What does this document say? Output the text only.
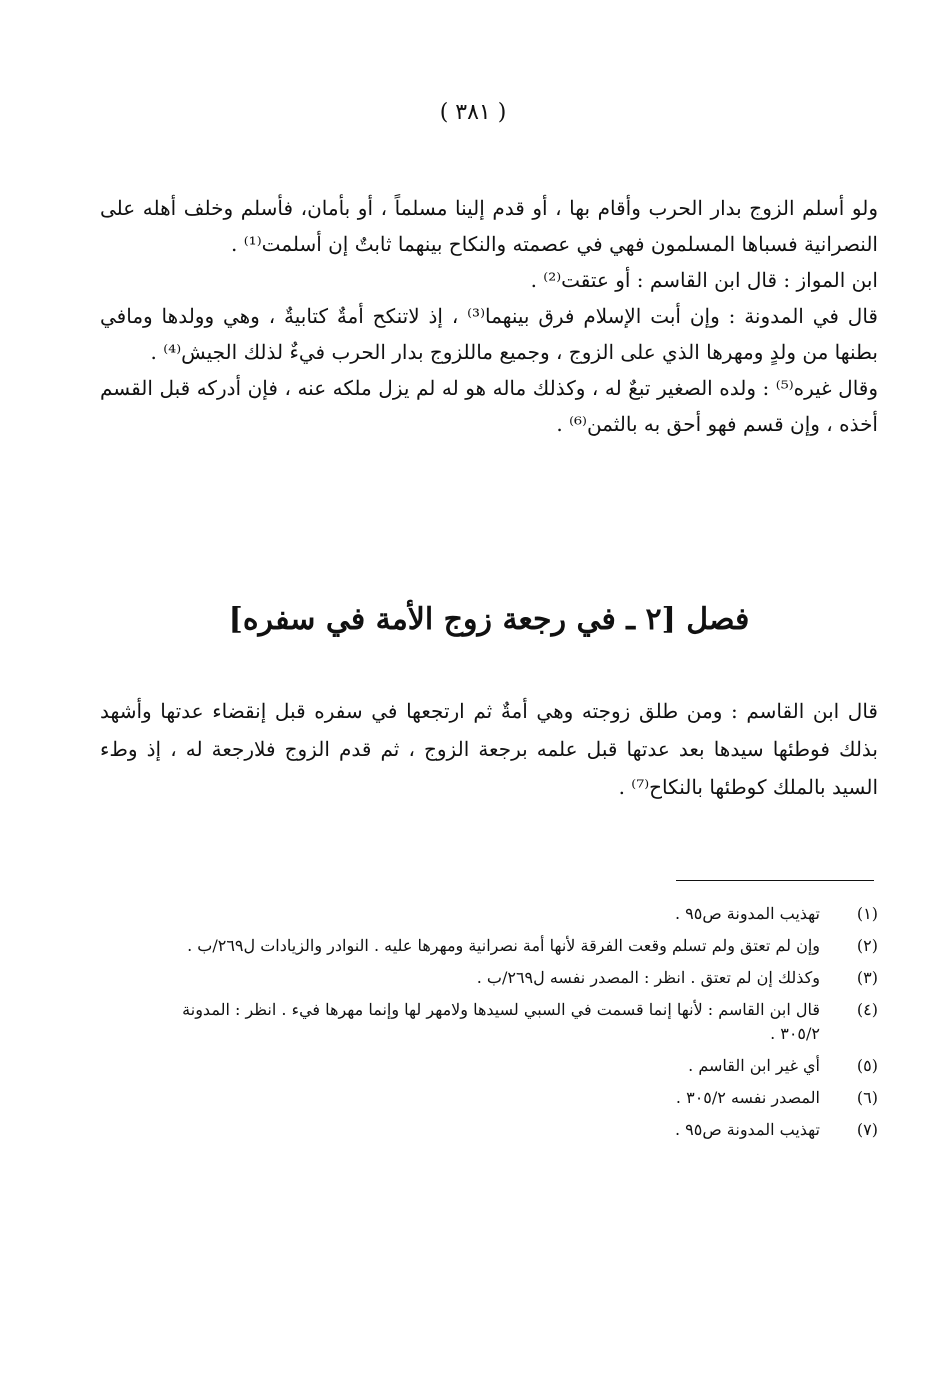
( ٣٨١ )

ولو أسلم الزوج بدار الحرب وأقام بها ، أو قدم إلينا مسلماً ، أو بأمان، فأسلم وخلف أهله على النصرانية فسباها المسلمون فهي في عصمته والنكاح بينهما ثابتٌ إن أسلمت⁽¹⁾ .

ابن المواز : قال ابن القاسم : أو عتقت⁽²⁾ .

قال في المدونة : وإن أبت الإسلام فرق بينهما⁽³⁾ ، إذ لاتنكح أمةٌ كتابيةٌ ، وهي وولدها ومافي بطنها من ولدٍ ومهرها الذي على الزوج ، وجميع ماللزوج بدار الحرب فيءٌ لذلك الجيش⁽⁴⁾ .

وقال غيره⁽⁵⁾ : ولده الصغير تبعٌ له ، وكذلك ماله هو له لم يزل ملكه عنه ، فإن أدركه قبل القسم أخذه ، وإن قسم فهو أحق به بالثمن⁽⁶⁾ .

فصل [٢ ـ في رجعة زوج الأمة في سفره]

قال ابن القاسم : ومن طلق زوجته وهي أمةٌ ثم ارتجعها في سفره قبل إنقضاء عدتها وأشهد بذلك فوطئها سيدها بعد عدتها قبل علمه برجعة الزوج ، ثم قدم الزوج فلارجعة له ، إذ وطء السيد بالملك كوطئها بالنكاح⁽⁷⁾ .

(١)
تهذيب المدونة ص٩٥ .
(٢)
وإن لم تعتق ولم تسلم وقعت الفرقة لأنها أمة نصرانية ومهرها عليه . النوادر والزيادات ل٢٦٩/ب .
(٣)
وكذلك إن لم تعتق . انظر : المصدر نفسه ل٢٦٩/ب .
(٤)
قال ابن القاسم : لأنها إنما قسمت في السبي لسيدها ولامهر لها وإنما مهرها فيء . انظر : المدونة ٣٠٥/٢ .
(٥)
أي غير ابن القاسم .
(٦)
المصدر نفسه ٣٠٥/٢ .
(٧)
تهذيب المدونة ص٩٥ .
